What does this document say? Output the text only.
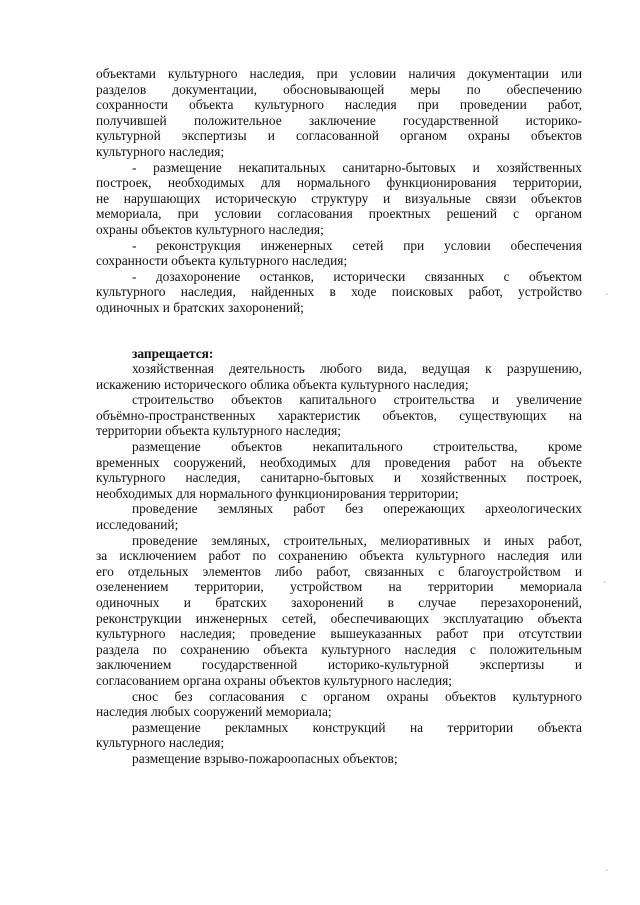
объектами культурного наследия, при условии наличия документации или
разделов документации, обосновывающей меры по обеспечению
сохранности объекта культурного наследия при проведении работ,
получившей положительное заключение государственной историко-
культурной экспертизы и согласованной органом охраны объектов
культурного наследия;
- размещение некапитальных санитарно-бытовых и хозяйственных
построек, необходимых для нормального функционирования территории,
не нарушающих историческую структуру и визуальные связи объектов
мемориала, при условии согласования проектных решений с органом
охраны объектов культурного наследия;
- реконструкция инженерных сетей при условии обеспечения
сохранности объекта культурного наследия;
- дозахоронение останков, исторически связанных с объектом
культурного наследия, найденных в ходе поисковых работ, устройство
одиночных и братских захоронений;
запрещается:
хозяйственная деятельность любого вида, ведущая к разрушению,
искажению исторического облика объекта культурного наследия;
строительство объектов капитального строительства и увеличение
объёмно-пространственных характеристик объектов, существующих на
территории объекта культурного наследия;
размещение объектов некапитального строительства, кроме
временных сооружений, необходимых для проведения работ на объекте
культурного наследия, санитарно-бытовых и хозяйственных построек,
необходимых для нормального функционирования территории;
проведение земляных работ без опережающих археологических
исследований;
проведение земляных, строительных, мелиоративных и иных работ,
за исключением работ по сохранению объекта культурного наследия или
его отдельных элементов либо работ, связанных с благоустройством и
озеленением территории, устройством на территории мемориала
одиночных и братских захоронений в случае перезахоронений,
реконструкции инженерных сетей, обеспечивающих эксплуатацию объекта
культурного наследия; проведение вышеуказанных работ при отсутствии
раздела по сохранению объекта культурного наследия с положительным
заключением государственной историко-культурной экспертизы и
согласованием органа охраны объектов культурного наследия;
снос без согласования с органом охраны объектов культурного
наследия любых сооружений мемориала;
размещение рекламных конструкций на территории объекта
культурного наследия;
размещение взрыво-пожароопасных объектов;
ˏ
ˏ
ˏ
